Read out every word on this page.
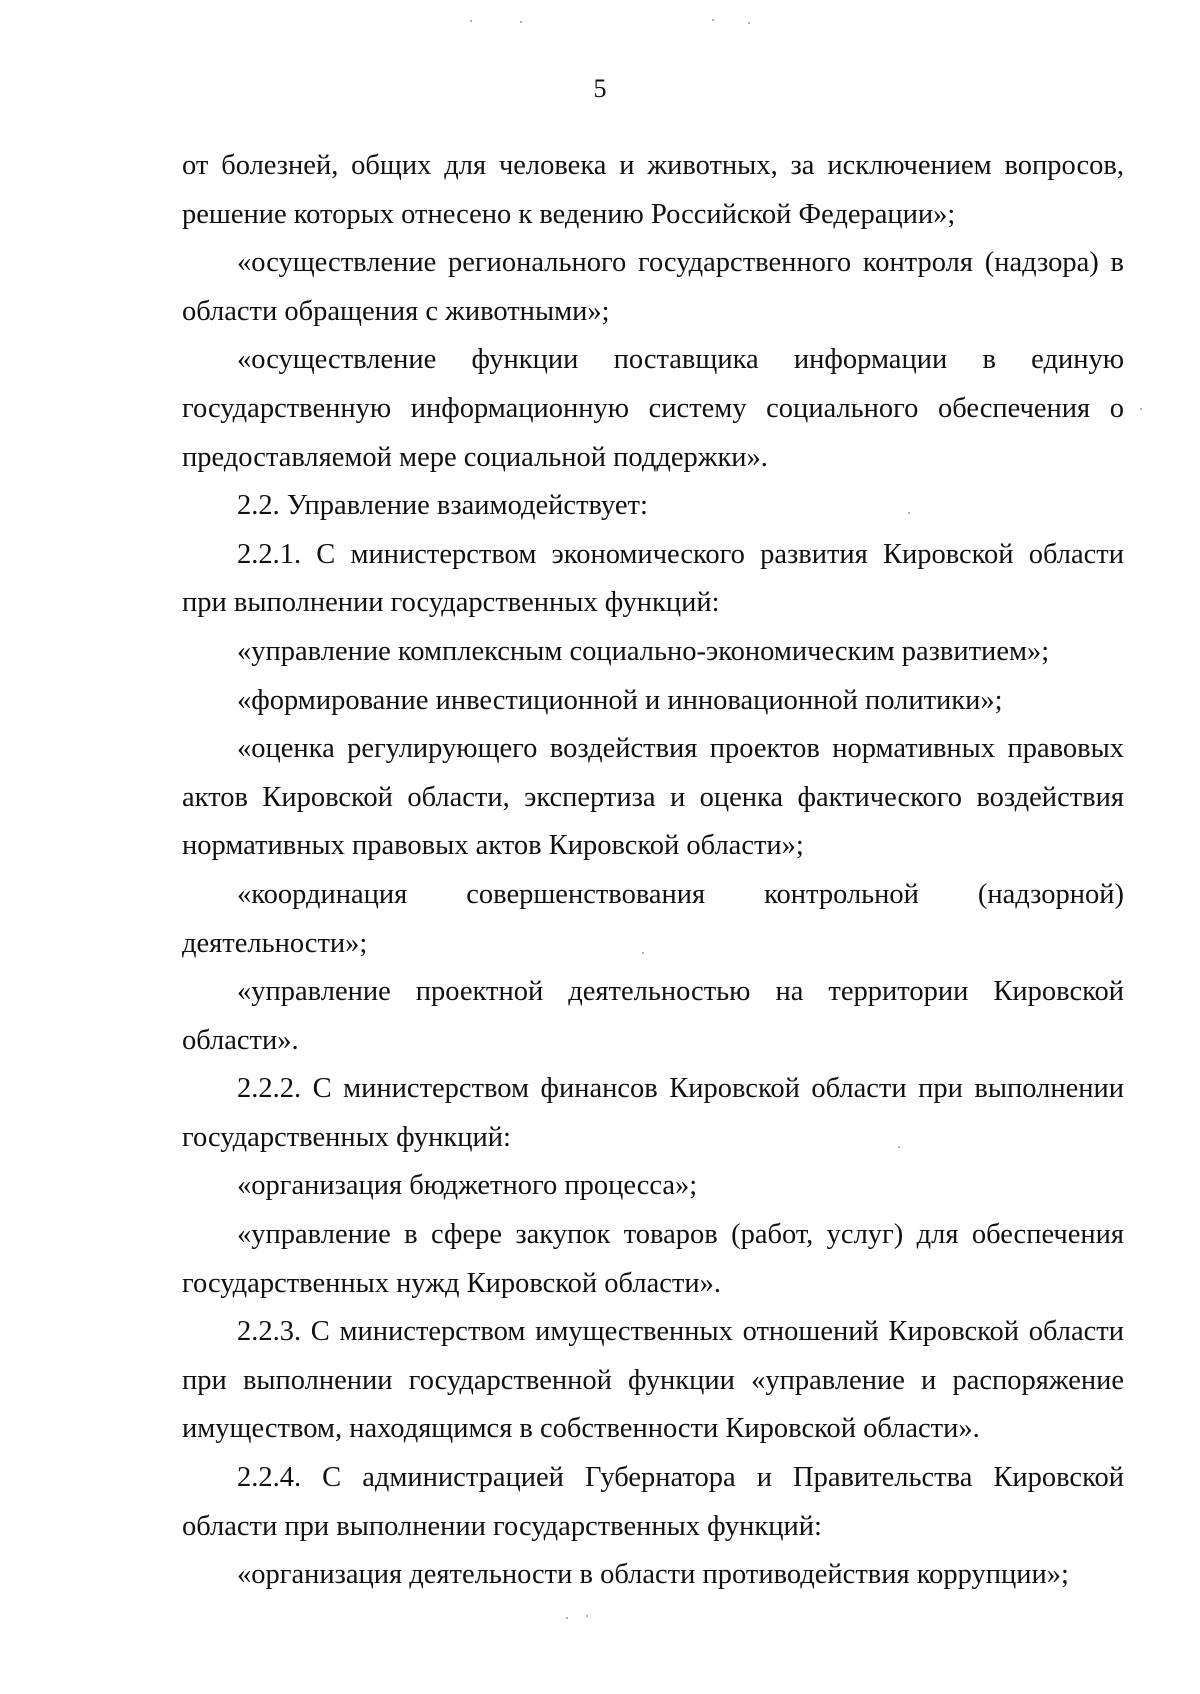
5

от болезней, общих для человека и животных, за исключением вопросов, решение которых отнесено к ведению Российской Федерации»;

«осуществление регионального государственного контроля (надзора) в области обращения с животными»;

«осуществление функции поставщика информации в единую государственную информационную систему социального обеспечения о предоставляемой мере социальной поддержки».

2.2. Управление взаимодействует:

2.2.1. С министерством экономического развития Кировской области при выполнении государственных функций:

«управление комплексным социально-экономическим развитием»;

«формирование инвестиционной и инновационной политики»;

«оценка регулирующего воздействия проектов нормативных правовых актов Кировской области, экспертиза и оценка фактического воздействия нормативных правовых актов Кировской области»;

«координация совершенствования контрольной (надзорной) деятельности»;

«управление проектной деятельностью на территории Кировской области».

2.2.2. С министерством финансов Кировской области при выполнении государственных функций:

«организация бюджетного процесса»;

«управление в сфере закупок товаров (работ, услуг) для обеспечения государственных нужд Кировской области».

2.2.3. С министерством имущественных отношений Кировской области при выполнении государственной функции «управление и распоряжение имуществом, находящимся в собственности Кировской области».

2.2.4. С администрацией Губернатора и Правительства Кировской области при выполнении государственных функций:

«организация деятельности в области противодействия коррупции»;
